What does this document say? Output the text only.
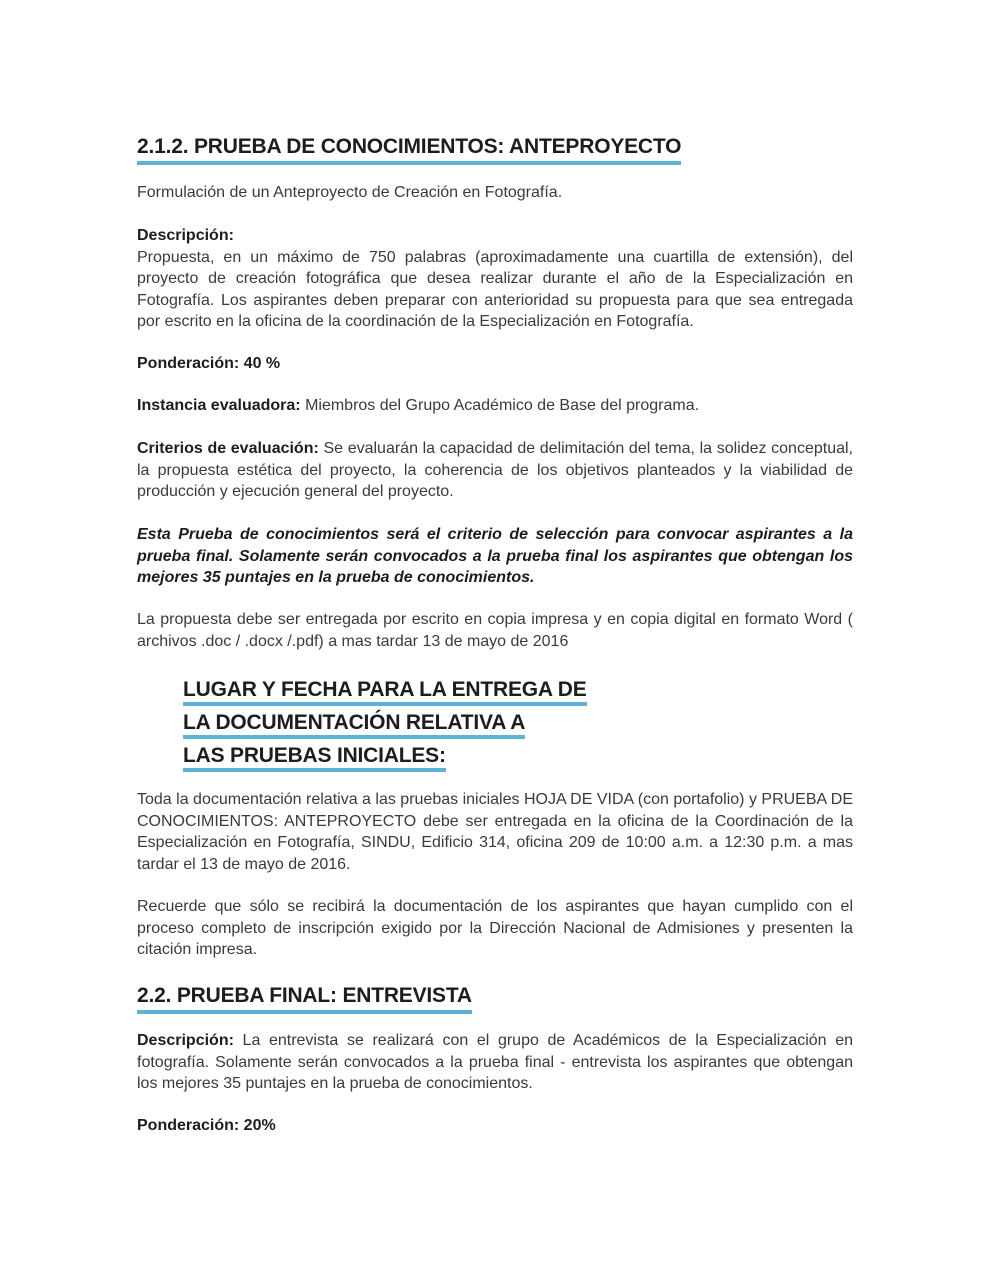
2.1.2. PRUEBA DE CONOCIMIENTOS: ANTEPROYECTO
Formulación de un Anteproyecto de Creación en Fotografía.
Descripción:
Propuesta, en un máximo de 750 palabras (aproximadamente una cuartilla de extensión), del proyecto de creación fotográfica que desea realizar durante el año de la Especialización en Fotografía. Los aspirantes deben preparar con anterioridad su propuesta para que sea entregada por escrito en la oficina de la coordinación de la Especialización en Fotografía.
Ponderación: 40 %
Instancia evaluadora: Miembros del Grupo Académico de Base del programa.
Criterios de evaluación: Se evaluarán la capacidad de delimitación del tema, la solidez conceptual, la propuesta estética del proyecto, la coherencia de los objetivos planteados y la viabilidad de producción y ejecución general del proyecto.
Esta Prueba de conocimientos será el criterio de selección para convocar aspirantes a la prueba final. Solamente serán convocados a la prueba final los aspirantes que obtengan los mejores 35 puntajes en la prueba de conocimientos.
La propuesta debe ser entregada por escrito en copia impresa y en copia digital en formato Word ( archivos .doc / .docx /.pdf) a mas tardar 13 de mayo de 2016
LUGAR Y FECHA PARA LA ENTREGA DE
LA DOCUMENTACIÓN RELATIVA A
LAS PRUEBAS INICIALES:
Toda la documentación relativa a las pruebas iniciales HOJA DE VIDA (con portafolio) y PRUEBA DE CONOCIMIENTOS: ANTEPROYECTO debe ser entregada en la oficina de la Coordinación de la Especialización en Fotografía, SINDU, Edificio 314, oficina 209 de 10:00 a.m. a 12:30 p.m. a mas tardar el 13 de mayo de 2016.
Recuerde que sólo se recibirá la documentación de los aspirantes que hayan cumplido con el proceso completo de inscripción exigido por la Dirección Nacional de Admisiones y presenten la citación impresa.
2.2. PRUEBA FINAL: ENTREVISTA
Descripción: La entrevista se realizará con el grupo de Académicos de la Especialización en fotografía. Solamente serán convocados a la prueba final - entrevista los aspirantes que obtengan los mejores 35 puntajes en la prueba de conocimientos.
Ponderación: 20%
